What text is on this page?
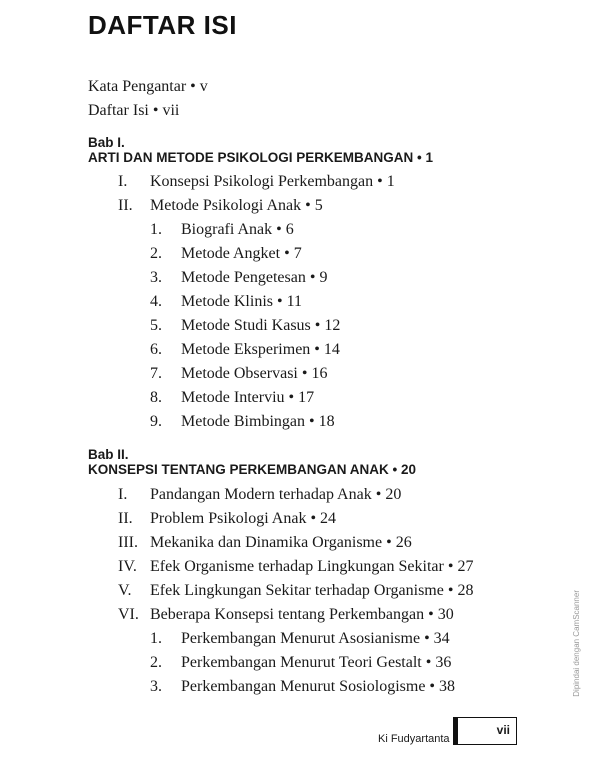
DAFTAR ISI
Kata Pengantar • v
Daftar Isi • vii
Bab I.
ARTI DAN METODE PSIKOLOGI PERKEMBANGAN • 1
I. Konsepsi Psikologi Perkembangan • 1
II. Metode Psikologi Anak • 5
1. Biografi Anak • 6
2. Metode Angket • 7
3. Metode Pengetesan • 9
4. Metode Klinis • 11
5. Metode Studi Kasus • 12
6. Metode Eksperimen • 14
7. Metode Observasi • 16
8. Metode Interviu • 17
9. Metode Bimbingan • 18
Bab II.
KONSEPSI TENTANG PERKEMBANGAN ANAK • 20
I. Pandangan Modern terhadap Anak • 20
II. Problem Psikologi Anak • 24
III. Mekanika dan Dinamika Organisme • 26
IV. Efek Organisme terhadap Lingkungan Sekitar • 27
V. Efek Lingkungan Sekitar terhadap Organisme • 28
VI. Beberapa Konsepsi tentang Perkembangan • 30
1. Perkembangan Menurut Asosianisme • 34
2. Perkembangan Menurut Teori Gestalt • 36
3. Perkembangan Menurut Sosiologisme • 38
Ki Fudyartanta
vii
Dipindai dengan CamScanner
